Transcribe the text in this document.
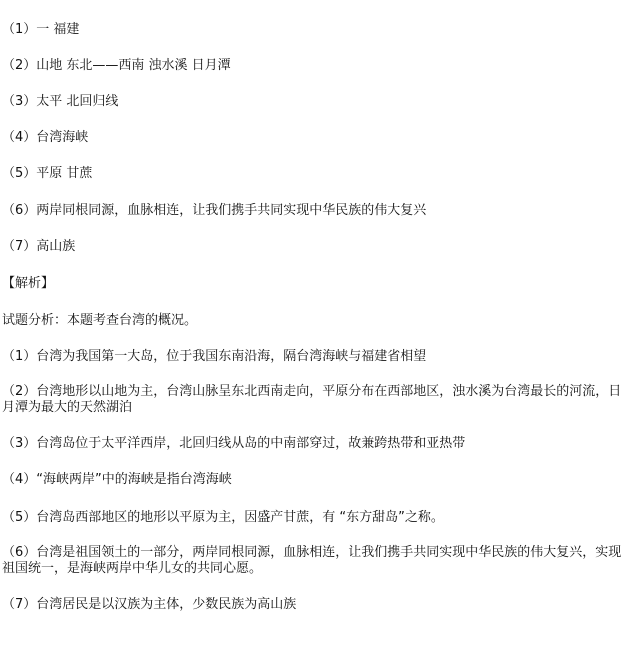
（1）一 福建
（2）山地 东北——西南 浊水溪 日月潭
（3）太平 北回归线
（4）台湾海峡
（5）平原 甘蔗
（6）两岸同根同源，血脉相连，让我们携手共同实现中华民族的伟大复兴
（7）高山族
【解析】
试题分析：本题考查台湾的概况。
（1）台湾为我国第一大岛，位于我国东南沿海，隔台湾海峡与福建省相望
（2）台湾地形以山地为主，台湾山脉呈东北西南走向，平原分布在西部地区，浊水溪为台湾最长的河流，日月潭为最大的天然湖泊
（3）台湾岛位于太平洋西岸，北回归线从岛的中南部穿过，故兼跨热带和亚热带
（4）“海峡两岸”中的海峡是指台湾海峡
（5）台湾岛西部地区的地形以平原为主，因盛产甘蔗，有 “东方甜岛”之称。
（6）台湾是祖国领土的一部分，两岸同根同源，血脉相连，让我们携手共同实现中华民族的伟大复兴，实现祖国统一，是海峡两岸中华儿女的共同心愿。
（7）台湾居民是以汉族为主体，少数民族为高山族
